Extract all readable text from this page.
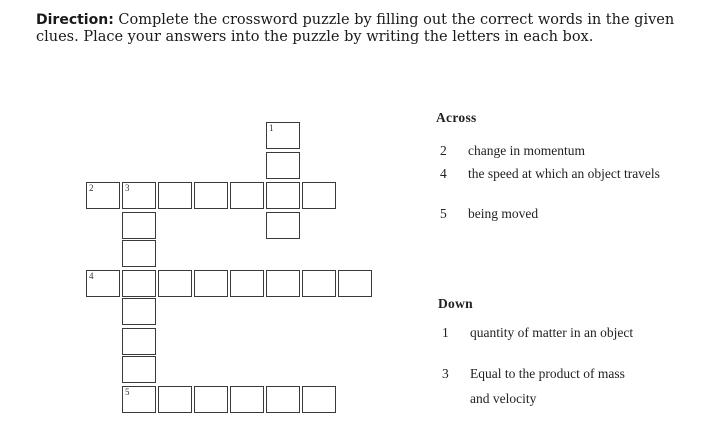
Direction: Complete the crossword puzzle by filling out the correct words in the given clues. Place your answers into the puzzle by writing the letters in each box.
1
2	3
4
5
Across
2 change in momentum
4 the speed at which an object travels
5 being moved
Down
1 quantity of matter in an object
3 Equal to the product of mass
and velocity
